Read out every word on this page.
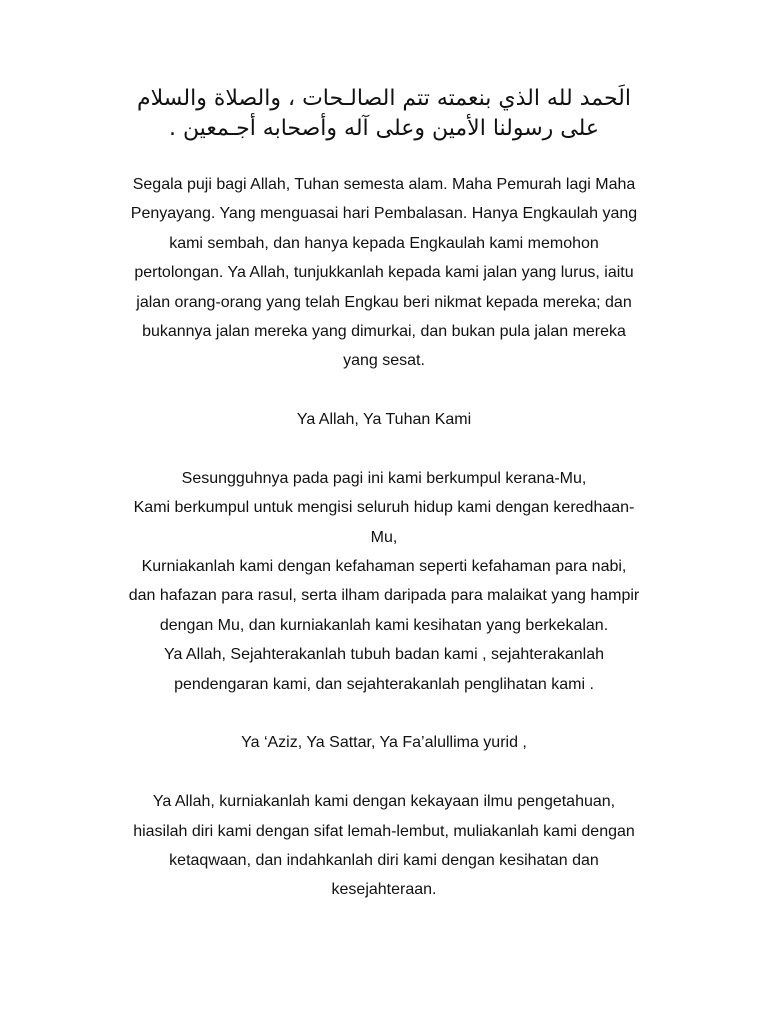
الَحمد لله الذي بنعمته تتم الصالـحات ، والصلاة والسلام
على رسولنا الأمين وعلى آله وأصحابه أجـمعين .
Segala puji bagi Allah, Tuhan semesta alam. Maha Pemurah lagi Maha
Penyayang. Yang menguasai hari Pembalasan. Hanya Engkaulah yang
kami sembah, dan hanya kepada Engkaulah kami memohon
pertolongan. Ya Allah, tunjukkanlah kepada kami jalan yang lurus, iaitu
jalan orang-orang yang telah Engkau beri nikmat kepada mereka; dan
bukannya jalan mereka yang dimurkai, dan bukan pula jalan mereka
yang sesat.
Ya Allah, Ya Tuhan Kami
Sesungguhnya pada pagi ini kami berkumpul kerana-Mu,
Kami berkumpul untuk mengisi seluruh hidup kami dengan keredhaan-
Mu,
Kurniakanlah kami dengan kefahaman seperti kefahaman para nabi,
dan hafazan para rasul, serta ilham daripada para malaikat yang hampir
dengan Mu, dan kurniakanlah kami kesihatan yang berkekalan.
Ya Allah, Sejahterakanlah tubuh badan kami , sejahterakanlah
pendengaran kami, dan sejahterakanlah penglihatan kami .
Ya ‘Aziz, Ya Sattar, Ya Fa’alullima yurid ,
Ya Allah, kurniakanlah kami dengan kekayaan ilmu pengetahuan,
hiasilah diri kami dengan sifat lemah-lembut, muliakanlah kami dengan
ketaqwaan, dan indahkanlah diri kami dengan kesihatan dan
kesejahteraan.
